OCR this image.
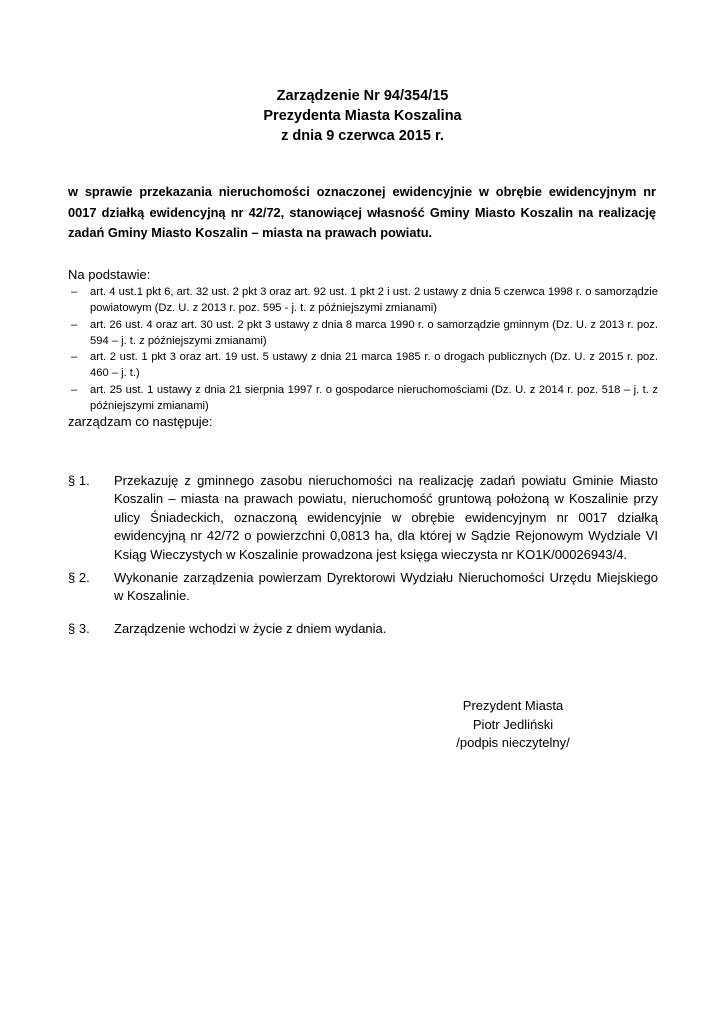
Zarządzenie Nr 94/354/15
Prezydenta Miasta Koszalina
z dnia 9 czerwca 2015 r.
w sprawie przekazania nieruchomości oznaczonej ewidencyjnie w obrębie ewidencyjnym nr 0017 działką ewidencyjną nr 42/72, stanowiącej własność Gminy Miasto Koszalin na realizację zadań Gminy Miasto Koszalin – miasta na prawach powiatu.
Na podstawie:
– art. 4 ust.1 pkt 6, art. 32 ust. 2 pkt 3 oraz art. 92 ust. 1 pkt 2 i ust. 2 ustawy z dnia 5 czerwca 1998 r. o samorządzie powiatowym (Dz. U. z 2013 r. poz. 595 - j. t. z późniejszymi zmianami)
– art. 26 ust. 4 oraz art. 30 ust. 2 pkt 3 ustawy z dnia 8 marca 1990 r. o samorządzie gminnym (Dz. U. z 2013 r. poz. 594 – j. t. z późniejszymi zmianami)
– art. 2 ust. 1 pkt 3 oraz art. 19 ust. 5 ustawy z dnia 21 marca 1985 r. o drogach publicznych (Dz. U. z 2015 r. poz. 460 – j. t.)
– art. 25 ust. 1 ustawy z dnia 21 sierpnia 1997 r. o gospodarce nieruchomościami (Dz. U. z 2014 r. poz. 518 – j. t. z późniejszymi zmianami)
zarządzam co następuje:
§ 1. Przekazuję z gminnego zasobu nieruchomości na realizację zadań powiatu Gminie Miasto Koszalin – miasta na prawach powiatu, nieruchomość gruntową położoną w Koszalinie przy ulicy Śniadeckich, oznaczoną ewidencyjnie w obrębie ewidencyjnym nr 0017 działką ewidencyjną nr 42/72 o powierzchni 0,0813 ha, dla której w Sądzie Rejonowym Wydziale VI Ksiąg Wieczystych w Koszalinie prowadzona jest księga wieczysta nr KO1K/00026943/4.
§ 2. Wykonanie zarządzenia powierzam Dyrektorowi Wydziału Nieruchomości Urzędu Miejskiego w Koszalinie.
§ 3. Zarządzenie wchodzi w życie z dniem wydania.
Prezydent Miasta
Piotr Jedliński
/podpis nieczytelny/
